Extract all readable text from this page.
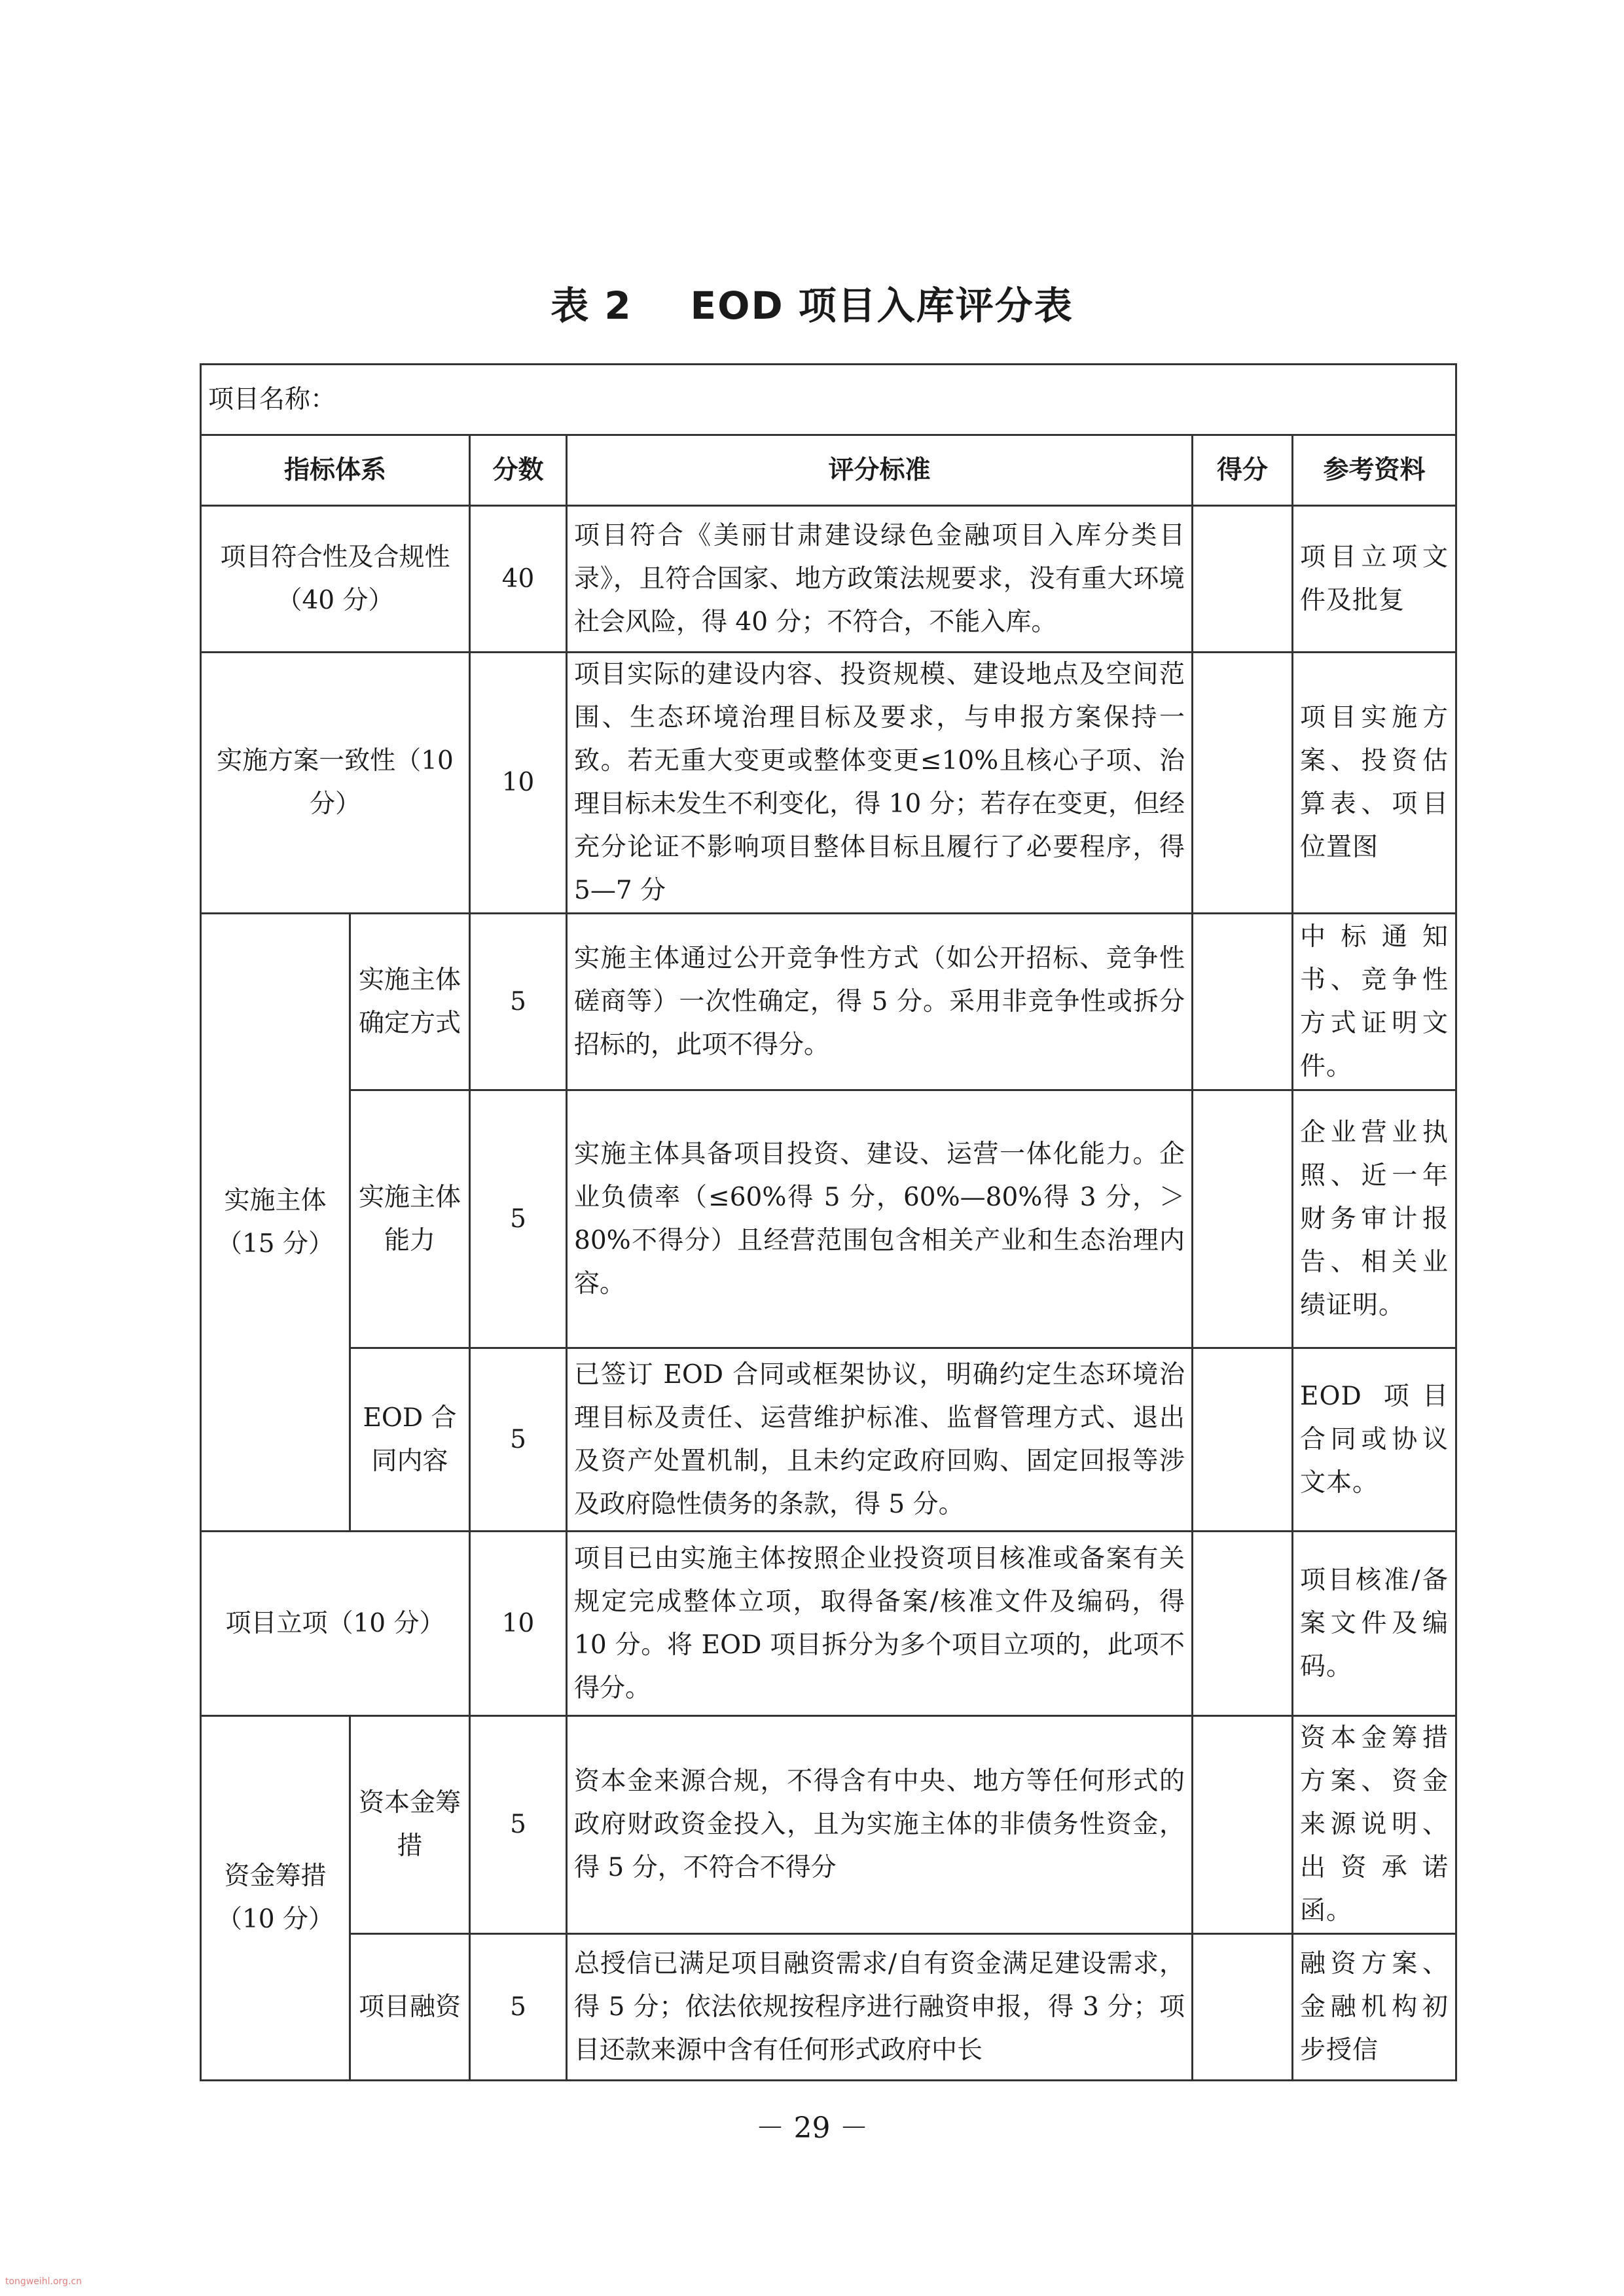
表 2    EOD 项目入库评分表
项目名称：					
指标体系		分数	评分标准	得分	参考资料
项目符合性及合规性（40 分）		40	项目符合《美丽甘肃建设绿色金融项目入库分类目录》，且符合国家、地方政策法规要求，没有重大环境社会风险，得 40 分；不符合，不能入库。		项目立项文件及批复
实施方案一致性（10 分）		10	项目实际的建设内容、投资规模、建设地点及空间范围、生态环境治理目标及要求，与申报方案保持一致。若无重大变更或整体变更≤10%且核心子项、治理目标未发生不利变化，得 10 分；若存在变更，但经充分论证不影响项目整体目标且履行了必要程序，得 5—7 分		项目实施方案、投资估算表、项目位置图
实施主体（15 分）	实施主体确定方式	5	实施主体通过公开竞争性方式（如公开招标、竞争性磋商等）一次性确定，得 5 分。采用非竞争性或拆分招标的，此项不得分。		中标通知书、竞争性方式证明文件。
	实施主体能力	5	实施主体具备项目投资、建设、运营一体化能力。企业负债率（≤60%得 5 分，60%—80%得 3 分，＞80%不得分）且经营范围包含相关产业和生态治理内容。		企业营业执照、近一年财务审计报告、相关业绩证明。
	EOD 合同内容	5	已签订 EOD 合同或框架协议，明确约定生态环境治理目标及责任、运营维护标准、监督管理方式、退出及资产处置机制，且未约定政府回购、固定回报等涉及政府隐性债务的条款，得 5 分。		EOD 项目合同或协议文本。
项目立项（10 分）		10	项目已由实施主体按照企业投资项目核准或备案有关规定完成整体立项，取得备案/核准文件及编码，得 10 分。将 EOD 项目拆分为多个项目立项的，此项不得分。		项目核准/备案文件及编码。
资金筹措（10 分）	资本金筹措	5	资本金来源合规，不得含有中央、地方等任何形式的政府财政资金投入，且为实施主体的非债务性资金，得 5 分，不符合不得分		资本金筹措方案、资金来源说明、出资承诺函。
	项目融资	5	总授信已满足项目融资需求/自有资金满足建设需求，得 5 分；依法依规按程序进行融资申报，得 3 分；项目还款来源中含有任何形式政府中长		融资方案、金融机构初步授信
－ 29 －
tongweihl.org.cn
